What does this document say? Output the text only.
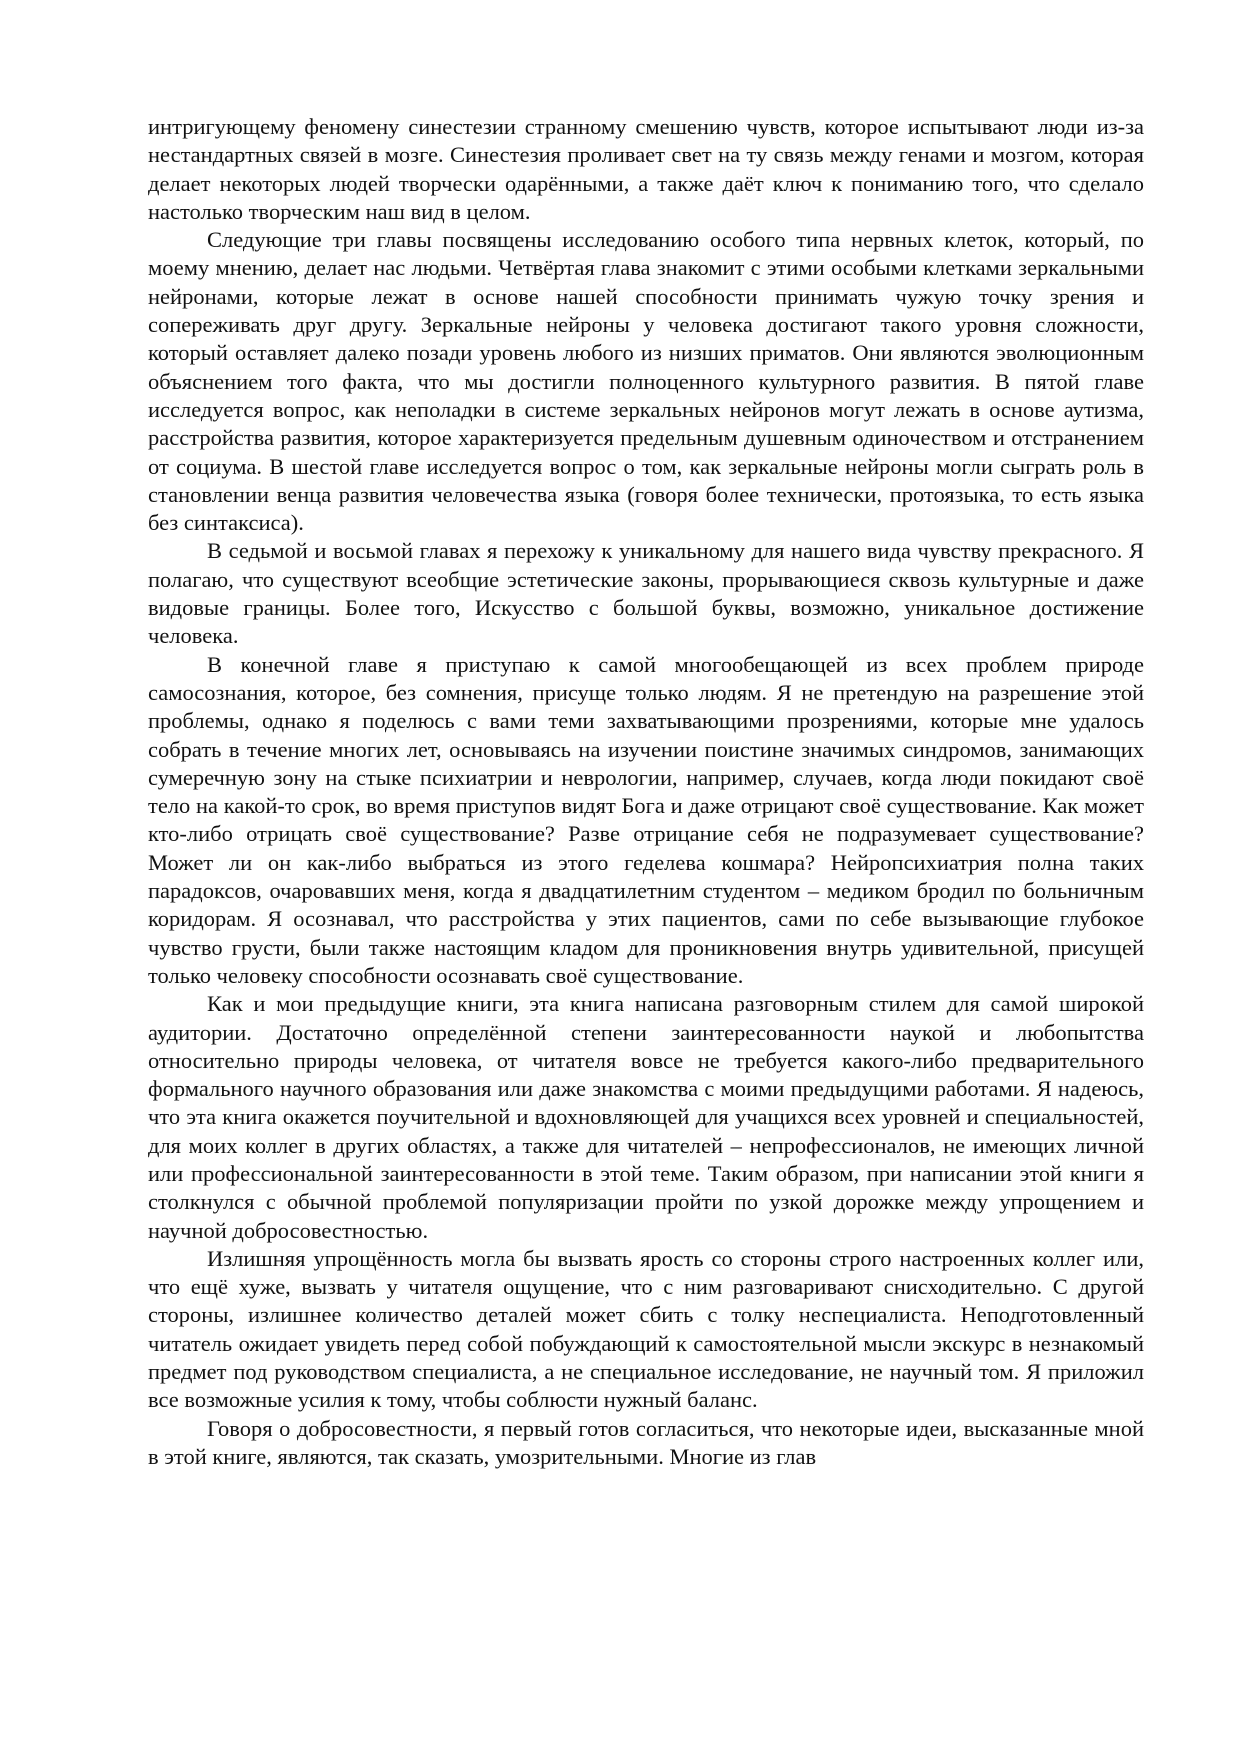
интригующему феномену синестезии странному смешению чувств, которое испытывают люди из-за нестандартных связей в мозге. Синестезия проливает свет на ту связь между генами и мозгом, которая делает некоторых людей творчески одарёнными, а также даёт ключ к пониманию того, что сделало настолько творческим наш вид в целом.

Следующие три главы посвящены исследованию особого типа нервных клеток, который, по моему мнению, делает нас людьми. Четвёртая глава знакомит с этими особыми клетками зеркальными нейронами, которые лежат в основе нашей способности принимать чужую точку зрения и сопереживать друг другу. Зеркальные нейроны у человека достигают такого уровня сложности, который оставляет далеко позади уровень любого из низших приматов. Они являются эволюционным объяснением того факта, что мы достигли полноценного культурного развития. В пятой главе исследуется вопрос, как неполадки в системе зеркальных нейронов могут лежать в основе аутизма, расстройства развития, которое характеризуется предельным душевным одиночеством и отстранением от социума. В шестой главе исследуется вопрос о том, как зеркальные нейроны могли сыграть роль в становлении венца развития человечества языка (говоря более технически, протоязыка, то есть языка без синтаксиса).

В седьмой и восьмой главах я перехожу к уникальному для нашего вида чувству прекрасного. Я полагаю, что существуют всеобщие эстетические законы, прорывающиеся сквозь культурные и даже видовые границы. Более того, Искусство с большой буквы, возможно, уникальное достижение человека.

В конечной главе я приступаю к самой многообещающей из всех проблем природе самосознания, которое, без сомнения, присуще только людям. Я не претендую на разрешение этой проблемы, однако я поделюсь с вами теми захватывающими прозрениями, которые мне удалось собрать в течение многих лет, основываясь на изучении поистине значимых синдромов, занимающих сумеречную зону на стыке психиатрии и неврологии, например, случаев, когда люди покидают своё тело на какой-то срок, во время приступов видят Бога и даже отрицают своё существование. Как может кто-либо отрицать своё существование? Разве отрицание себя не подразумевает существование? Может ли он как-либо выбраться из этого геделева кошмара? Нейропсихиатрия полна таких парадоксов, очаровавших меня, когда я двадцатилетним студентом – медиком бродил по больничным коридорам. Я осознавал, что расстройства у этих пациентов, сами по себе вызывающие глубокое чувство грусти, были также настоящим кладом для проникновения внутрь удивительной, присущей только человеку способности осознавать своё существование.

Как и мои предыдущие книги, эта книга написана разговорным стилем для самой широкой аудитории. Достаточно определённой степени заинтересованности наукой и любопытства относительно природы человека, от читателя вовсе не требуется какого-либо предварительного формального научного образования или даже знакомства с моими предыдущими работами. Я надеюсь, что эта книга окажется поучительной и вдохновляющей для учащихся всех уровней и специальностей, для моих коллег в других областях, а также для читателей – непрофессионалов, не имеющих личной или профессиональной заинтересованности в этой теме. Таким образом, при написании этой книги я столкнулся с обычной проблемой популяризации пройти по узкой дорожке между упрощением и научной добросовестностью.

Излишняя упрощённость могла бы вызвать ярость со стороны строго настроенных коллег или, что ещё хуже, вызвать у читателя ощущение, что с ним разговаривают снисходительно. С другой стороны, излишнее количество деталей может сбить с толку неспециалиста. Неподготовленный читатель ожидает увидеть перед собой побуждающий к самостоятельной мысли экскурс в незнакомый предмет под руководством специалиста, а не специальное исследование, не научный том. Я приложил все возможные усилия к тому, чтобы соблюсти нужный баланс.

Говоря о добросовестности, я первый готов согласиться, что некоторые идеи, высказанные мной в этой книге, являются, так сказать, умозрительными. Многие из глав
